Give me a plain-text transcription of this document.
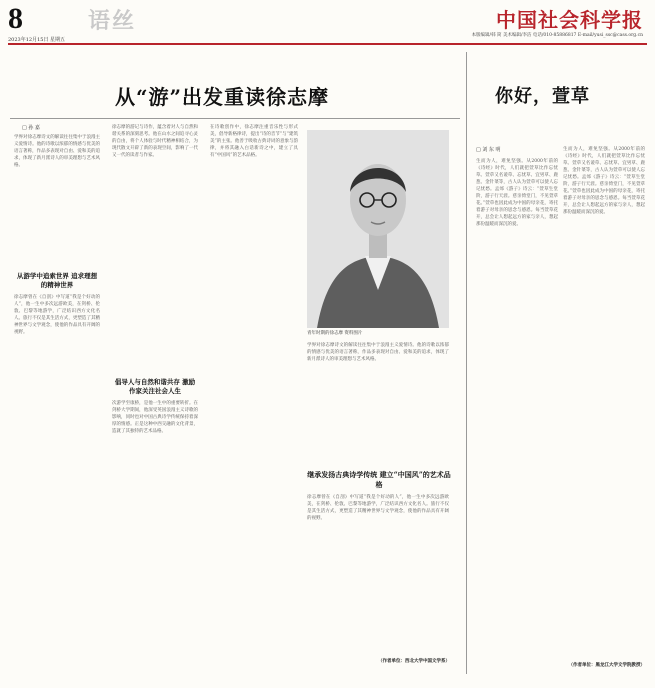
8	语丝
2023年12月15日 星期五
中国社会科学报
本版编辑/韩 简 美术编辑/李洁 电话/010-85886817 E-mail/yusi_ssc@cass.org.cn
从“游”出发重读徐志摩	你好，萱草
□ 孙 嘉
学界对徐志摩诗文的解读往往集中于浪漫主义爱情诗。他的诗歌以浓郁的情感与优美的语言著称，作品多表现对自由、爱和美的追求，体现了新月派诗人的审美理想与艺术风格。
从游学中追索世界 追求理想的精神世界
徐志摩曾在《自剖》中写道“我是个好动的人”，他一生中多次远游欧美，在剑桥、伦敦、巴黎等地游学，广泛结识西方文化名人。旅行不仅是其生活方式，更塑造了其精神世界与文学观念，使他的作品具有开阔的视野。
徐志摩的游记与诗作，蕴含着对人与自然和谐关系的深刻思考。他在山水之间追寻心灵的自由，将个人体验与时代精神相结合，为现代散文开辟了新的表现空间，影响了一代又一代的读者与作家。
倡导人与自然和谐共存 激励作家关注社会人生
次游学至康桥，是他一生中的重要转折。在剑桥大学期间，他深受英国浪漫主义诗歌的影响，同时也对中国古典诗学传统保持着深厚的情感。正是这种中西交融的文化背景，造就了其独特的艺术品格。
在诗歌创作中，徐志摩注重音乐性与形式美，倡导新格律诗，提出“诗的音节”与“建筑美”的主张。他善于吸收古典诗词的意象与韵律，并将其融入白话新诗之中，建立了具有“中国风”的艺术品格。
青年时期的徐志摩 资料图片
学界对徐志摩诗文的解读往往集中于浪漫主义爱情诗。他的诗歌以浓郁的情感与优美的语言著称，作品多表现对自由、爱和美的追求，体现了新月派诗人的审美理想与艺术风格。
继承发扬古典诗学传统 建立“中国风”的艺术品格
徐志摩曾在《自剖》中写道“我是个好动的人”，他一生中多次远游欧美，在剑桥、伦敦、巴黎等地游学，广泛结识西方文化名人。旅行不仅是其生活方式，更塑造了其精神世界与文学观念，使他的作品具有开阔的视野。
（作者单位：西北大学中国文学系）
□ 刘 东 明
生而为人，难免坚强。从2000年前的《诗经》时代，人们就把萱草比作忘忧草。萱草又名谖草、忘忧草、宜男草、鹿葱、金针菜等，古人认为萱草可以使人忘记忧愁。孟郊《游子》诗云：“萱草生堂阶，游子行天涯。慈亲倚堂门，不见萱草花。”萱草也因此成为中国的母亲花，寄托着游子对母亲的思念与感恩。每当萱草花开，总会让人想起远方的家与亲人，想起那份温暖而深沉的爱。
生而为人，难免坚强。从2000年前的《诗经》时代，人们就把萱草比作忘忧草。萱草又名谖草、忘忧草、宜男草、鹿葱、金针菜等，古人认为萱草可以使人忘记忧愁。孟郊《游子》诗云：“萱草生堂阶，游子行天涯。慈亲倚堂门，不见萱草花。”萱草也因此成为中国的母亲花，寄托着游子对母亲的思念与感恩。每当萱草花开，总会让人想起远方的家与亲人，想起那份温暖而深沉的爱。
（作者单位：黑龙江大学文学院教授）
